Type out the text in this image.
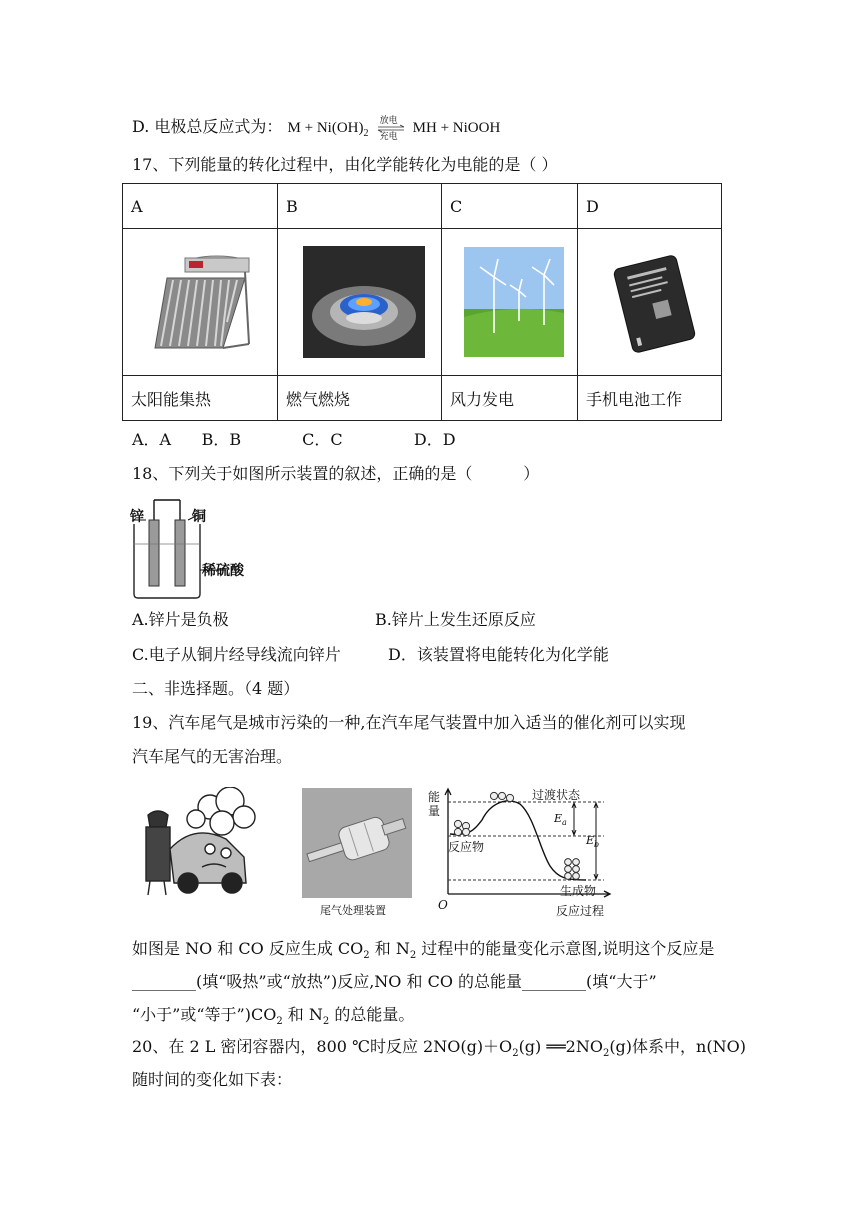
D. 电极总反应式为： $M + Ni(OH)_2$
放电
充电
MH + NiOOH
17、下列能量的转化过程中，由化学能转化为电能的是（ ）
A	B	C	D

太阳能集热	燃气燃烧	风力发电	手机电池工作
A．A      B．B            C．C              D．D
18、下列关于如图所示装置的叙述，正确的是（          ）
锌	铜
稀硫酸
A.锌片是负极	B.锌片上发生还原反应
C.电子从铜片经导线流向锌片	D．该装置将电能转化为化学能
二、非选择题。（4 题）
19、汽车尾气是城市污染的一种,在汽车尾气装置中加入适当的催化剂可以实现
汽车尾气的无害治理。
尾气处理装置
能量
过渡状态
反应物
生成物
反应过程
O
$E_a$
$E_b$
如图是 NO 和 CO 反应生成 $CO_2$ 和 $N_2$ 过程中的能量变化示意图,说明这个反应是
________(填“吸热”或“放热”)反应,NO 和 CO 的总能量________(填“大于”
“小于”或“等于$”)CO_2$ 和 $N_2$ 的总能量。
20、在 2 L 密闭容器内，800 ℃时反应 $2NO(g)+O_2(g)$ $══2NO_2(g)$体系中，n(NO)
随时间的变化如下表：
